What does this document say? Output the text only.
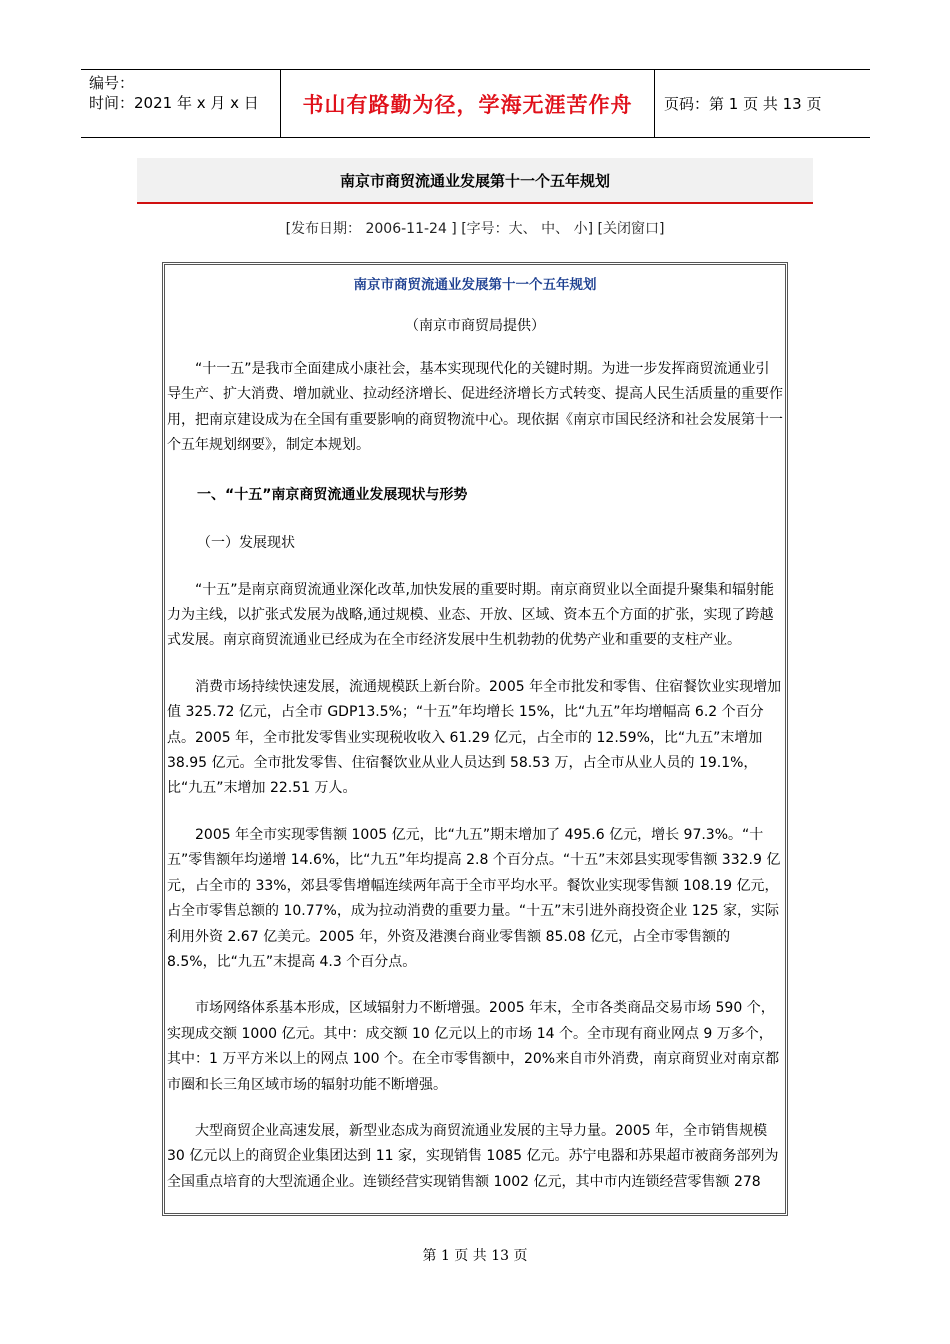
编号：
时间：2021 年 x 月 x 日 书山有路勤为径，学海无涯苦作舟 页码：第 1 页 共 13 页
南京市商贸流通业发展第十一个五年规划
[发布日期： 2006-11-24 ] [字号：大、 中、 小] [关闭窗口]
南京市商贸流通业发展第十一个五年规划
（南京市商贸局提供）

“十一五”是我市全面建成小康社会，基本实现现代化的关键时期。为进一步发挥商贸流通业引导生产、扩大消费、增加就业、拉动经济增长、促进经济增长方式转变、提高人民生活质量的重要作用，把南京建设成为在全国有重要影响的商贸物流中心。现依据《南京市国民经济和社会发展第十一个五年规划纲要》，制定本规划。

一、“十五”南京商贸流通业发展现状与形势
（一）发展现状

“十五”是南京商贸流通业深化改革,加快发展的重要时期。南京商贸业以全面提升聚集和辐射能力为主线，以扩张式发展为战略,通过规模、业态、开放、区域、资本五个方面的扩张，实现了跨越式发展。南京商贸流通业已经成为在全市经济发展中生机勃勃的优势产业和重要的支柱产业。

消费市场持续快速发展，流通规模跃上新台阶。2005 年全市批发和零售、住宿餐饮业实现增加值 325.72 亿元，占全市 GDP13.5%；“十五”年均增长 15%，比“九五”年均增幅高 6.2 个百分点。2005 年，全市批发零售业实现税收收入 61.29 亿元，占全市的 12.59%，比“九五”末增加 38.95 亿元。全市批发零售、住宿餐饮业从业人员达到 58.53 万，占全市从业人员的 19.1%，比“九五”末增加 22.51 万人。

2005 年全市实现零售额 1005 亿元，比“九五”期末增加了 495.6 亿元，增长 97.3%。“十五”零售额年均递增 14.6%，比“九五”年均提高 2.8 个百分点。“十五”末郊县实现零售额 332.9 亿元，占全市的 33%，郊县零售增幅连续两年高于全市平均水平。餐饮业实现零售额 108.19 亿元，占全市零售总额的 10.77%，成为拉动消费的重要力量。“十五”末引进外商投资企业 125 家，实际利用外资 2.67 亿美元。2005 年，外资及港澳台商业零售额 85.08 亿元，占全市零售额的 8.5%，比“九五”末提高 4.3 个百分点。

市场网络体系基本形成，区域辐射力不断增强。2005 年末，全市各类商品交易市场 590 个，实现成交额 1000 亿元。其中：成交额 10 亿元以上的市场 14 个。全市现有商业网点 9 万多个，其中：1 万平方米以上的网点 100 个。在全市零售额中，20%来自市外消费，南京商贸业对南京都市圈和长三角区域市场的辐射功能不断增强。

大型商贸企业高速发展，新型业态成为商贸流通业发展的主导力量。2005 年，全市销售规模 30 亿元以上的商贸企业集团达到 11 家，实现销售 1085 亿元。苏宁电器和苏果超市被商务部列为全国重点培育的大型流通企业。连锁经营实现销售额 1002 亿元，其中市内连锁经营零售额 278

第 1 页 共 13 页
